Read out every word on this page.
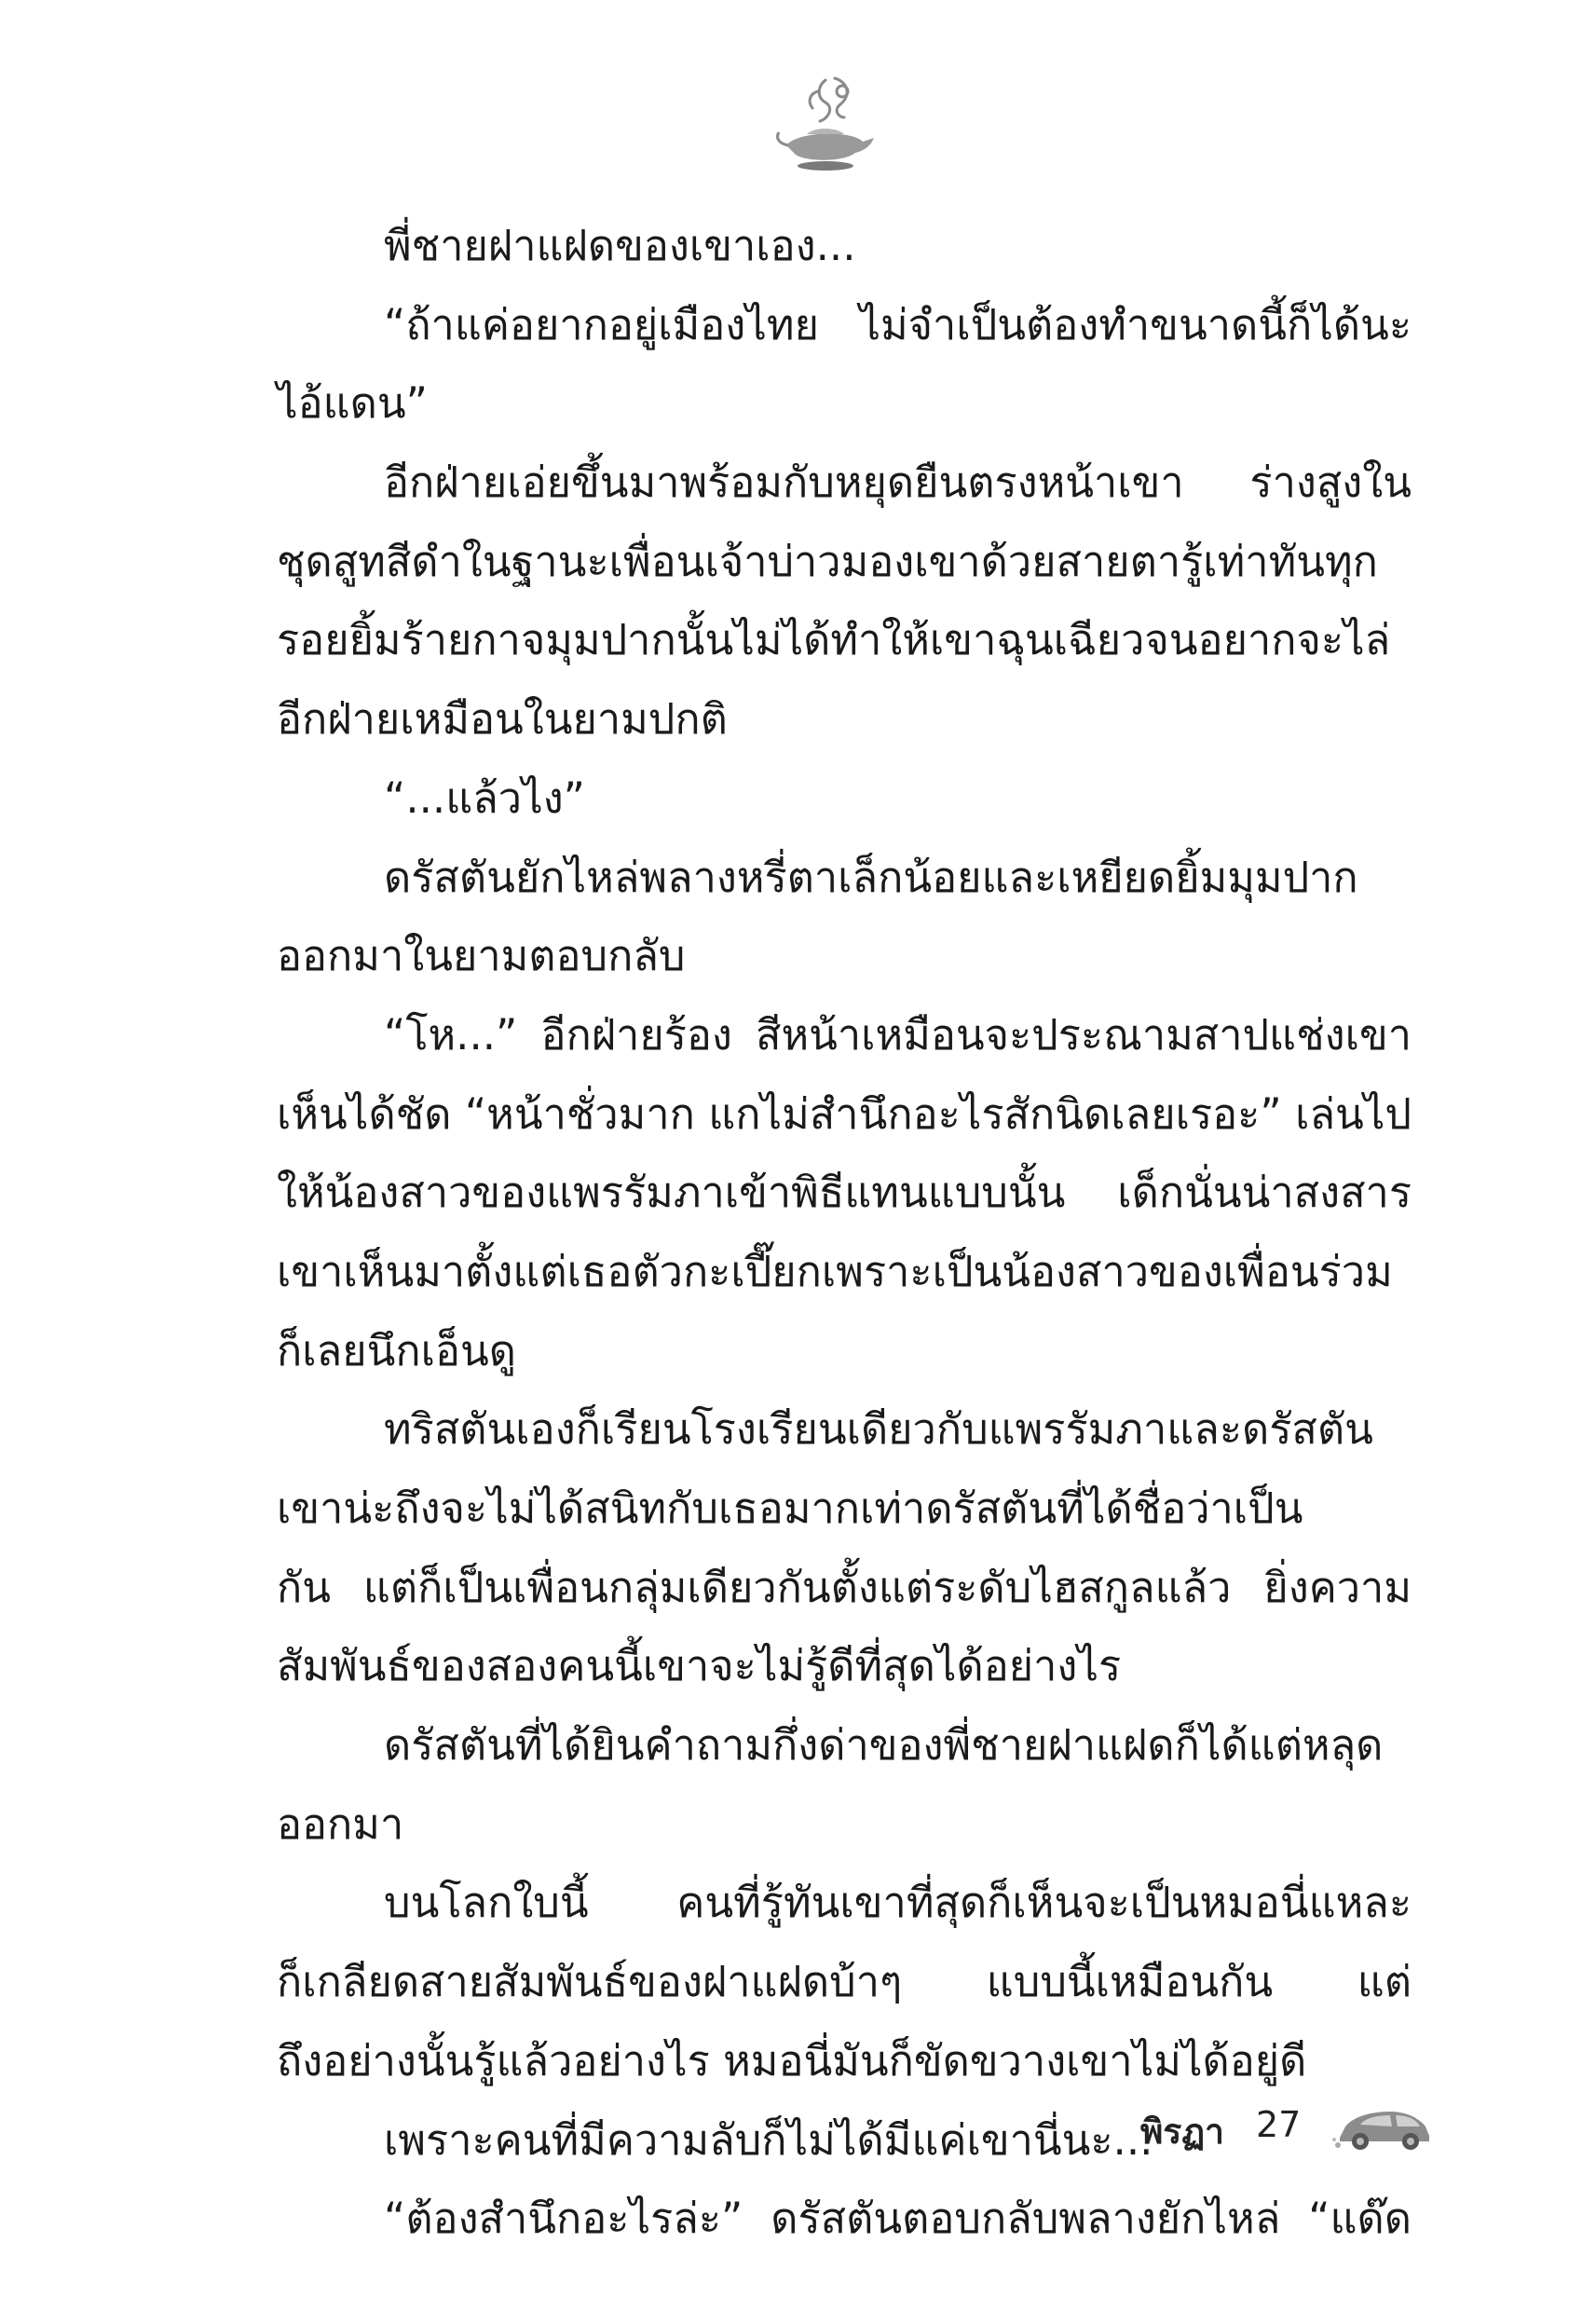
พี่ชายฝาแฝดของเขาเอง...
“ถ้าแค่อยากอยู่เมืองไทย ไม่จำเป็นต้องทำขนาดนี้ก็ได้นะ
ไอ้แดน”
อีกฝ่ายเอ่ยขึ้นมาพร้อมกับหยุดยืนตรงหน้าเขา ร่างสูงใน
ชุดสูทสีดำในฐานะเพื่อนเจ้าบ่าวมองเขาด้วยสายตารู้เท่าทันทุก
รอยยิ้มร้ายกาจมุมปากนั้นไม่ได้ทำให้เขาฉุนเฉียวจนอยากจะไล่
อีกฝ่ายเหมือนในยามปกติ
“...แล้วไง”
ดรัสตันยักไหล่พลางหรี่ตาเล็กน้อยและเหยียดยิ้มมุมปาก
ออกมาในยามตอบกลับ
“โห...” อีกฝ่ายร้อง สีหน้าเหมือนจะประณามสาปแช่งเขา
เห็นได้ชัด “หน้าชั่วมาก แกไม่สำนึกอะไรสักนิดเลยเรอะ” เล่นไป
ให้น้องสาวของแพรรัมภาเข้าพิธีแทนแบบนั้น เด็กนั่นน่าสงสาร
เขาเห็นมาตั้งแต่เธอตัวกะเปี๊ยกเพราะเป็นน้องสาวของเพื่อนร่วม
ก็เลยนึกเอ็นดู
ทริสตันเองก็เรียนโรงเรียนเดียวกับแพรรัมภาและดรัสตัน
เขาน่ะถึงจะไม่ได้สนิทกับเธอมากเท่าดรัสตันที่ได้ชื่อว่าเป็น
กัน แต่ก็เป็นเพื่อนกลุ่มเดียวกันตั้งแต่ระดับไฮสกูลแล้ว ยิ่งความ
สัมพันธ์ของสองคนนี้เขาจะไม่รู้ดีที่สุดได้อย่างไร
ดรัสตันที่ได้ยินคำถามกึ่งด่าของพี่ชายฝาแฝดก็ได้แต่หลุด
ออกมา
บนโลกใบนี้ คนที่รู้ทันเขาที่สุดก็เห็นจะเป็นหมอนี่แหละ
ก็เกลียดสายสัมพันธ์ของฝาแฝดบ้าๆ แบบนี้เหมือนกัน แต่
ถึงอย่างนั้นรู้แล้วอย่างไร หมอนี่มันก็ขัดขวางเขาไม่ได้อยู่ดี
เพราะคนที่มีความลับก็ไม่ได้มีแค่เขานี่นะ...
“ต้องสำนึกอะไรล่ะ” ดรัสตันตอบกลับพลางยักไหล่ “แด๊ด
พิรฏา 27
